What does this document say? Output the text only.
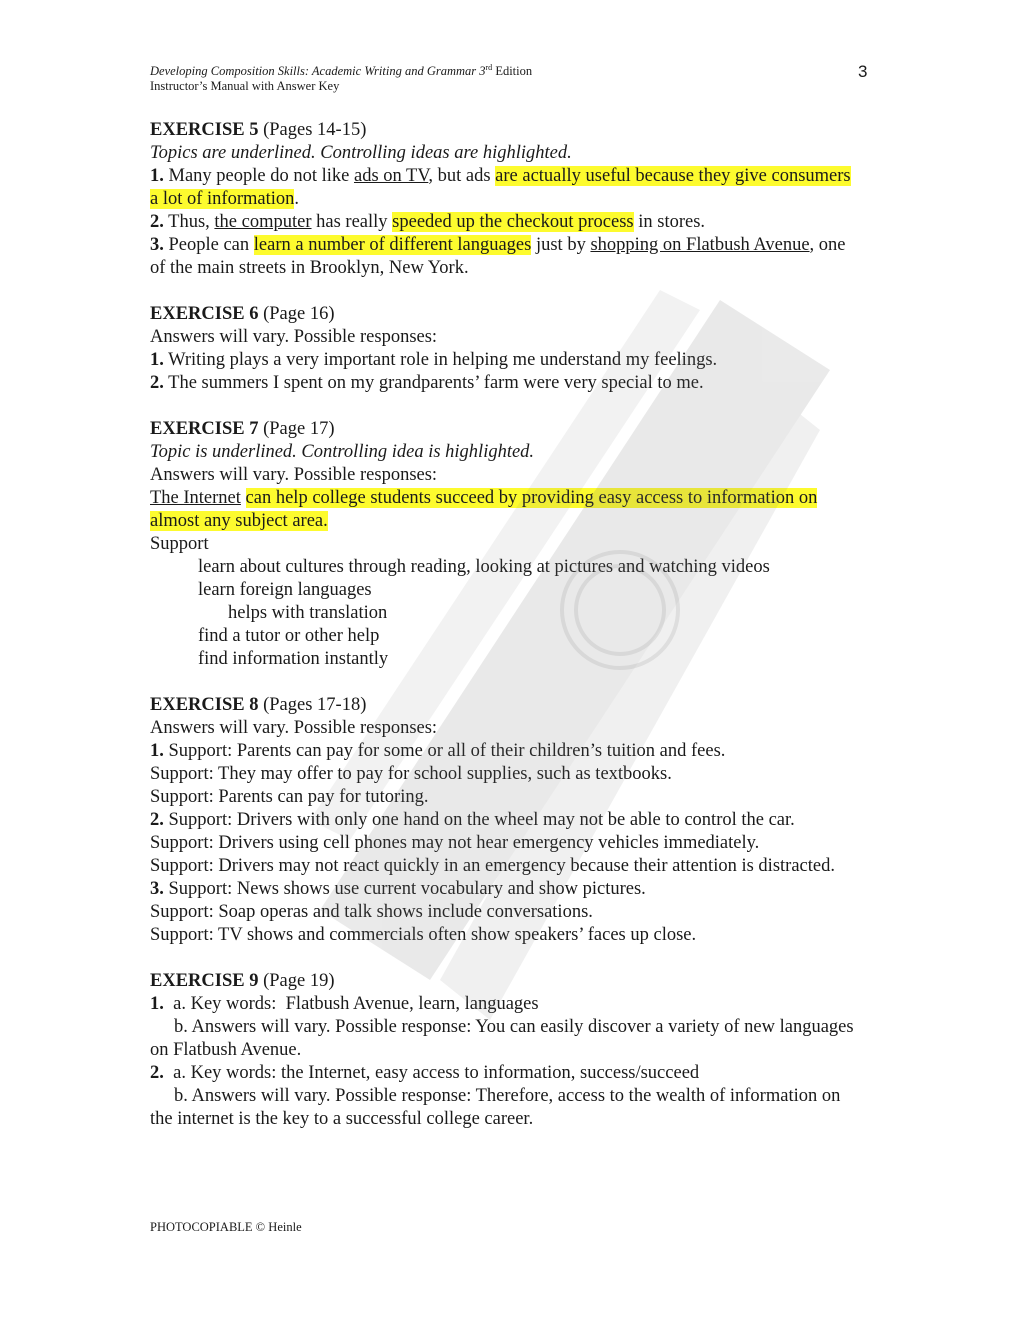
Developing Composition Skills: Academic Writing and Grammar 3rd Edition
Instructor’s Manual with Answer Key
3

EXERCISE 5 (Pages 14-15)

Topics are underlined. Controlling ideas are highlighted.

1. Many people do not like ads on TV, but ads are actually useful because they give consumers a lot of information.

2. Thus, the computer has really speeded up the checkout process in stores.

3. People can learn a number of different languages just by shopping on Flatbush Avenue, one of the main streets in Brooklyn, New York.

EXERCISE 6 (Page 16)

Answers will vary. Possible responses:

1. Writing plays a very important role in helping me understand my feelings.

2. The summers I spent on my grandparents’ farm were very special to me.

EXERCISE 7 (Page 17)

Topic is underlined. Controlling idea is highlighted.

Answers will vary. Possible responses:

The Internet can help college students succeed by providing easy access to information on almost any subject area.

Support

learn about cultures through reading, looking at pictures and watching videos

learn foreign languages

helps with translation

find a tutor or other help

find information instantly

EXERCISE 8 (Pages 17-18)

Answers will vary. Possible responses:

1. Support: Parents can pay for some or all of their children’s tuition and fees.

Support: They may offer to pay for school supplies, such as textbooks.

Support: Parents can pay for tutoring.

2. Support: Drivers with only one hand on the wheel may not be able to control the car.

Support: Drivers using cell phones may not hear emergency vehicles immediately.

Support: Drivers may not react quickly in an emergency because their attention is distracted.

3. Support: News shows use current vocabulary and show pictures.

Support: Soap operas and talk shows include conversations.

Support: TV shows and commercials often show speakers’ faces up close.

EXERCISE 9 (Page 19)

1.  a. Key words:  Flatbush Avenue, learn, languages

b. Answers will vary. Possible response: You can easily discover a variety of new languages on Flatbush Avenue.

2.  a. Key words: the Internet, easy access to information, success/succeed

b. Answers will vary. Possible response: Therefore, access to the wealth of information on the internet is the key to a successful college career.

PHOTOCOPIABLE © Heinle
